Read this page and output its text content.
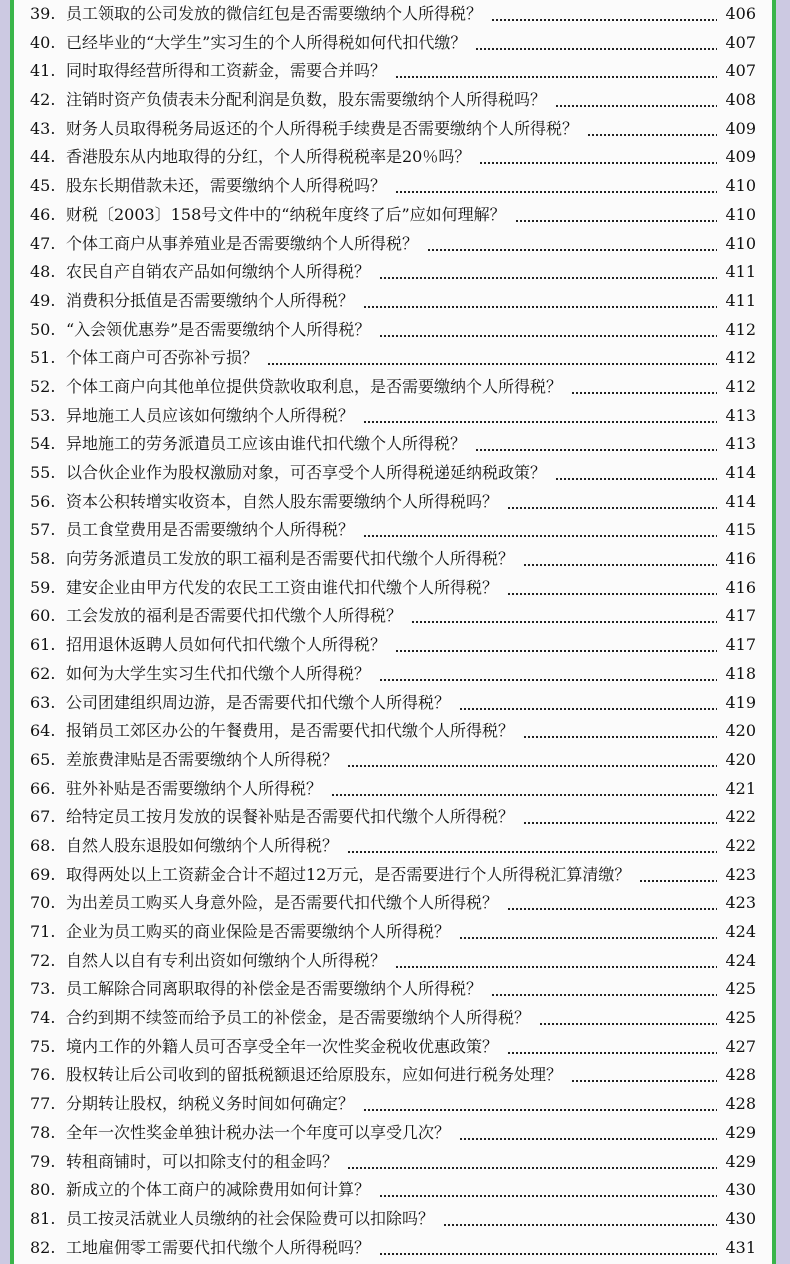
39. 员工领取的公司发放的微信红包是否需要缴纳个人所得税？	406
40. 已经毕业的“大学生”实习生的个人所得税如何代扣代缴？	407
41. 同时取得经营所得和工资薪金，需要合并吗？	407
42. 注销时资产负债表未分配利润是负数，股东需要缴纳个人所得税吗？	408
43. 财务人员取得税务局返还的个人所得税手续费是否需要缴纳个人所得税？	409
44. 香港股东从内地取得的分红，个人所得税税率是20％吗？	409
45. 股东长期借款未还，需要缴纳个人所得税吗？	410
46. 财税〔2003〕158号文件中的“纳税年度终了后”应如何理解？	410
47. 个体工商户从事养殖业是否需要缴纳个人所得税？	410
48. 农民自产自销农产品如何缴纳个人所得税？	411
49. 消费积分抵值是否需要缴纳个人所得税？	411
50. “入会领优惠券”是否需要缴纳个人所得税？	412
51. 个体工商户可否弥补亏损？	412
52. 个体工商户向其他单位提供贷款收取利息，是否需要缴纳个人所得税？	412
53. 异地施工人员应该如何缴纳个人所得税？	413
54. 异地施工的劳务派遣员工应该由谁代扣代缴个人所得税？	413
55. 以合伙企业作为股权激励对象，可否享受个人所得税递延纳税政策？	414
56. 资本公积转增实收资本，自然人股东需要缴纳个人所得税吗？	414
57. 员工食堂费用是否需要缴纳个人所得税？	415
58. 向劳务派遣员工发放的职工福利是否需要代扣代缴个人所得税？	416
59. 建安企业由甲方代发的农民工工资由谁代扣代缴个人所得税？	416
60. 工会发放的福利是否需要代扣代缴个人所得税？	417
61. 招用退休返聘人员如何代扣代缴个人所得税？	417
62. 如何为大学生实习生代扣代缴个人所得税？	418
63. 公司团建组织周边游，是否需要代扣代缴个人所得税？	419
64. 报销员工郊区办公的午餐费用，是否需要代扣代缴个人所得税？	420
65. 差旅费津贴是否需要缴纳个人所得税？	420
66. 驻外补贴是否需要缴纳个人所得税？	421
67. 给特定员工按月发放的误餐补贴是否需要代扣代缴个人所得税？	422
68. 自然人股东退股如何缴纳个人所得税？	422
69. 取得两处以上工资薪金合计不超过12万元，是否需要进行个人所得税汇算清缴？	423
70. 为出差员工购买人身意外险，是否需要代扣代缴个人所得税？	423
71. 企业为员工购买的商业保险是否需要缴纳个人所得税？	424
72. 自然人以自有专利出资如何缴纳个人所得税？	424
73. 员工解除合同离职取得的补偿金是否需要缴纳个人所得税？	425
74. 合约到期不续签而给予员工的补偿金，是否需要缴纳个人所得税？	425
75. 境内工作的外籍人员可否享受全年一次性奖金税收优惠政策？	427
76. 股权转让后公司收到的留抵税额退还给原股东，应如何进行税务处理？	428
77. 分期转让股权，纳税义务时间如何确定？	428
78. 全年一次性奖金单独计税办法一个年度可以享受几次？	429
79. 转租商铺时，可以扣除支付的租金吗？	429
80. 新成立的个体工商户的减除费用如何计算？	430
81. 员工按灵活就业人员缴纳的社会保险费可以扣除吗？	430
82. 工地雇佣零工需要代扣代缴个人所得税吗？	431
